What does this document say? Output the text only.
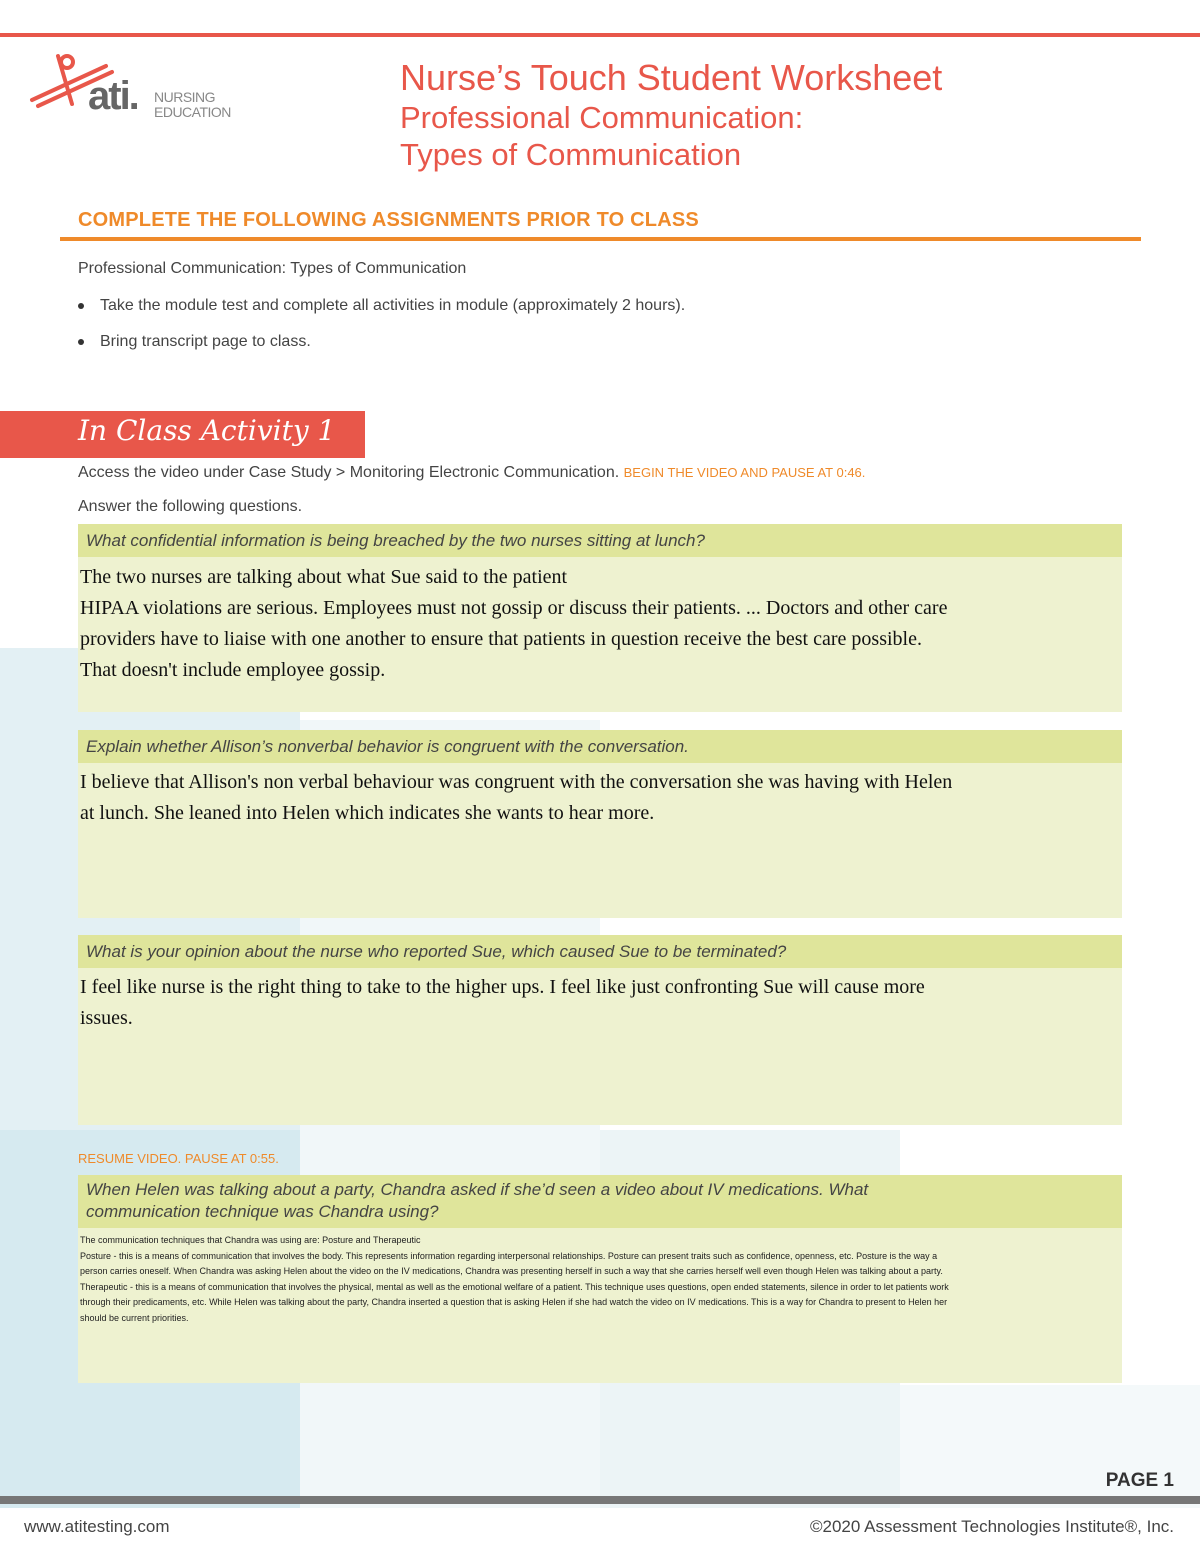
ati. NURSING
EDUCATION
Nurse’s Touch Student Worksheet
Professional Communication:
Types of Communication
COMPLETE THE FOLLOWING ASSIGNMENTS PRIOR TO CLASS
Professional Communication: Types of Communication
Take the module test and complete all activities in module (approximately 2 hours).
Bring transcript page to class.
In Class Activity 1
Access the video under Case Study > Monitoring Electronic Communication. BEGIN THE VIDEO AND PAUSE AT 0:46.
Answer the following questions.
What confidential information is being breached by the two nurses sitting at lunch?
The two nurses are talking about what Sue said to the patient
HIPAA violations are serious. Employees must not gossip or discuss their patients. ... Doctors and other care
providers have to liaise with one another to ensure that patients in question receive the best care possible.
That doesn't include employee gossip.
Explain whether Allison’s nonverbal behavior is congruent with the conversation.
I believe that Allison's non verbal behaviour was congruent with the conversation she was having with Helen
at lunch. She leaned into Helen which indicates she wants to hear more.
What is your opinion about the nurse who reported Sue, which caused Sue to be terminated?
I feel like nurse is the right thing to take to the higher ups. I feel like just confronting Sue will cause more
issues.
RESUME VIDEO. PAUSE AT 0:55.
When Helen was talking about a party, Chandra asked if she’d seen a video about IV medications. What
communication technique was Chandra using?
The communication techniques that Chandra was using are: Posture and Therapeutic
Posture - this is a means of communication that involves the body. This represents information regarding interpersonal relationships. Posture can present traits such as confidence, openness, etc. Posture is the way a
person carries oneself. When Chandra was asking Helen about the video on the IV medications, Chandra was presenting herself in such a way that she carries herself well even though Helen was talking about a party.
Therapeutic - this is a means of communication that involves the physical, mental as well as the emotional welfare of a patient. This technique uses questions, open ended statements, silence in order to let patients work
through their predicaments, etc. While Helen was talking about the party, Chandra inserted a question that is asking Helen if she had watch the video on IV medications. This is a way for Chandra to present to Helen her
should be current priorities.
PAGE 1
www.atitesting.com	©2020 Assessment Technologies Institute®, Inc.
